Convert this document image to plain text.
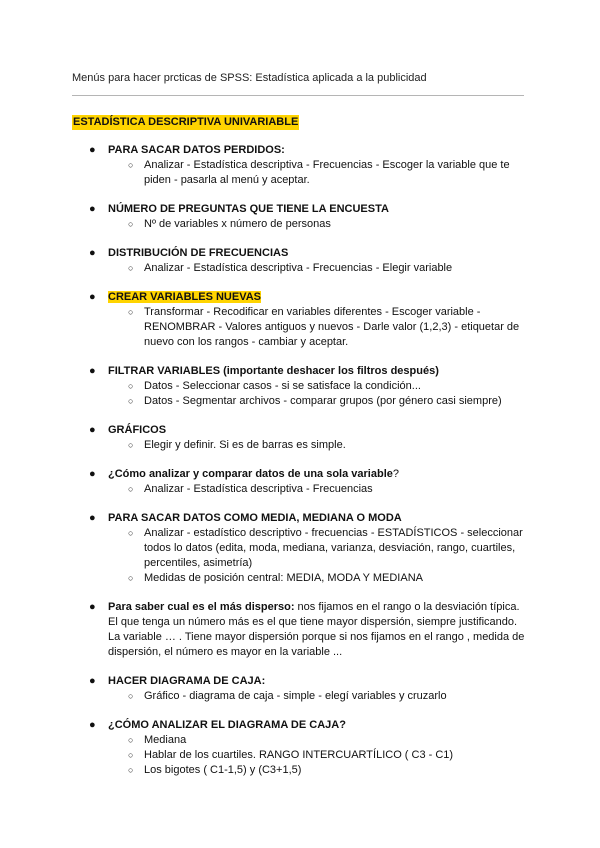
Menús para hacer prcticas de SPSS: Estadística aplicada a la publicidad
ESTADÍSTICA DESCRIPTIVA UNIVARIABLE
● PARA SACAR DATOS PERDIDOS:
○ Analizar - Estadística descriptiva - Frecuencias - Escoger la variable que te piden - pasarla al menú y aceptar.
● NÚMERO DE PREGUNTAS QUE TIENE LA ENCUESTA
○ Nº de variables x número de personas
● DISTRIBUCIÓN DE FRECUENCIAS
○ Analizar - Estadística descriptiva - Frecuencias - Elegir variable
● CREAR VARIABLES NUEVAS
○ Transformar - Recodificar en variables diferentes - Escoger variable - RENOMBRAR - Valores antiguos y nuevos - Darle valor (1,2,3) - etiquetar de nuevo con los rangos - cambiar y aceptar.
● FILTRAR VARIABLES (importante deshacer los filtros después)
○ Datos - Seleccionar casos - si se satisface la condición...
○ Datos - Segmentar archivos - comparar grupos (por género casi siempre)
● GRÁFICOS
○ Elegir y definir. Si es de barras es simple.
● ¿Cómo analizar y comparar datos de una sola variable?
○ Analizar - Estadística descriptiva - Frecuencias
● PARA SACAR DATOS COMO MEDIA, MEDIANA O MODA
○ Analizar - estadístico descriptivo - frecuencias - ESTADÍSTICOS - seleccionar todos lo datos (edita, moda, mediana, varianza, desviación, rango, cuartiles, percentiles, asimetría)
○ Medidas de posición central: MEDIA, MODA Y MEDIANA
● Para saber cual es el más disperso: nos fijamos en el rango o la desviación típica. El que tenga un número más es el que tiene mayor dispersión, siempre justificando. La variable … . Tiene mayor dispersión porque si nos fijamos en el rango , medida de dispersión, el número es mayor en la variable ...
● HACER DIAGRAMA DE CAJA:
○ Gráfico - diagrama de caja - simple - elegí variables y cruzarlo
● ¿CÓMO ANALIZAR EL DIAGRAMA DE CAJA?
○ Mediana
○ Hablar de los cuartiles. RANGO INTERCUARTÍLICO ( C3 - C1)
○ Los bigotes ( C1-1,5) y (C3+1,5)
